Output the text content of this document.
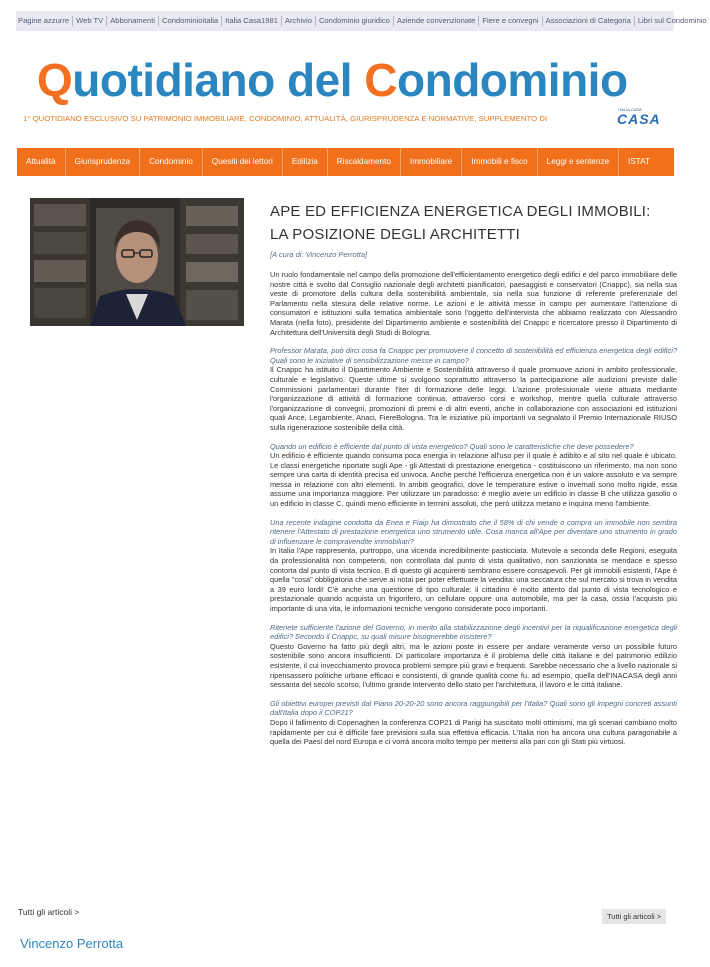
Pagine azzurre Web TV Abbonamenti Condominioitalia Italia Casa1981 Archivio Condominio giuridico Aziende convenzionate Fiere e convegni Associazioni di Categoria Libri sul Condominio
Quotidiano del Condominio
1° QUOTIDIANO ESCLUSIVO SU PATRIMONIO IMMOBILIARE, CONDOMINIO, ATTUALITÀ, GIURISPRUDENZA E NORMATIVE, SUPPLEMENTO DI
ITALIA CASA
CASA
Attualità	Giurisprudenza	Condominio	Quesiti dei lettori	Edilizia	Riscaldamento	Immobiliare	Immobili e fisco	Leggi e sentenze	ISTAT
APE ED EFFICIENZA ENERGETICA DEGLI IMMOBILI:
LA POSIZIONE DEGLI ARCHITETTI
[A cura di: Vincenzo Perrotta]

Un ruolo fondamentale nel campo della promozione dell'efficientamento energetico degli edifici e del parco immobiliare delle nostre città e svolto dal Consiglio nazionale degli architetti pianificatori, paesaggisti e conservatori (Cnappc), sia nella sua veste di promotore della cultura della sostenibilità ambientale, sia nella sua funzione di referente preferenziale del Parlamento nella stesura delle relative norme. Le azioni e le attività messe in campo per aumentare l'attenzione di consumatori e istituzioni sulla tematica ambientale sono l'oggetto dell'intervista che abbiamo realizzato con Alessandro Marata (nella foto), presidente del Dipartimento ambiente e sostenibilità del Cnappc e ricercatore presso il Dipartimento di Architettura dell'Università degli Studi di Bologna.

Professor Marata, può dirci cosa fa Cnappc per promuovere il concetto di sostenibilità ed efficienza energetica degli edifici? Quali sono le iniziative di sensibilizzazione messe in campo?
Il Cnappc ha istituito il Dipartimento Ambiente e Sostenibilità attraverso il quale promuove azioni in ambito professionale, culturale e legislativo. Queste ultime si svolgono soprattutto attraverso la partecipazione alle audizioni previste dalle Commissioni parlamentari durante l'iter di formazione delle leggi. L'azione professionale viene attuata mediante l'organizzazione di attività di formazione continua, attraverso corsi e workshop, mentre quella culturale attraverso l'organizzazione di convegni, promozioni di premi e di altri eventi, anche in collaborazione con associazioni ed istituzioni quali Ance, Legambiente, Anaci, FiereBologna. Tra le iniziative più importanti va segnalato il Premio Internazionale RIUSO sulla rigenerazione sostenibile della città.

Quando un edificio è efficiente dal punto di vista energetico? Quali sono le caratteristiche che deve possedere?
Un edificio è efficiente quando consuma poca energia in relazione all'uso per il quale è adibito e al sito nel quale è ubicato. Le classi energetiche riportate sugli Ape - gli Attestati di prestazione energetica - costituiscono un riferimento, ma non sono sempre una carta di identità precisa ed univoca. Anche perché l'efficienza energetica non è un valore assoluto e va sempre messa in relazione con altri elementi. In ambiti geografici, dove le temperature estive o invernali sono molto rigide, essa assume una importanza maggiore. Per utilizzare un paradosso: è meglio avere un edificio in classe B che utilizza gasolio o un edificio in classe C, quindi meno efficiente in termini assoluti, che però utilizza metano e inquina meno l'ambiente.

Una recente indagine condotta da Enea e Fiaip ha dimostrato che il 58% di chi vende o compra un immobile non sembra ritenere l'Attestato di prestazione energetica uno strumento utile. Cosa manca all'Ape per diventare uno strumento in grado di influenzare le compravendite immobiliari?
In Italia l'Ape rappresenta, purtroppo, una vicenda incredibilmente pasticciata. Mutevole a seconda delle Regioni, eseguita da professionalità non competenti, non controllata dal punto di vista qualitativo, non sanzionata se mendace e spesso contorta dal punto di vista tecnico. E di questo gli acquirenti sembrano essere consapevoli. Per gli immobili esistenti, l'Ape è quella "cosa" obbligatoria che serve ai notai per poter effettuare la vendita: una seccatura che sul mercato si trova in vendita a 39 euro lordi! C'è anche una questione di tipo culturale: il cittadino è molto attento dal punto di vista tecnologico e prestazionale quando acquista un frigorifero, un cellulare oppure una automobile, ma per la casa, ossia l'acquisto più importante di una vita, le informazioni tecniche vengono considerate poco importanti.

Ritenete sufficiente l'azione del Governo, in merito alla stabilizzazione degli incentivi per la riqualificazione energetica degli edifici? Secondo il Cnappc, su quali misure bisognerebbe insistere?
Questo Governo ha fatto più degli altri, ma le azioni poste in essere per andare veramente verso un possibile futuro sostenibile sono ancora insufficienti. Di particolare importanza è il problema delle città italiane e del patrimonio edilizio esistente, il cui invecchiamento provoca problemi sempre più gravi e frequenti. Sarebbe necessario che a livello nazionale si ripensassero politiche urbane efficaci e consistenti, di grande qualità come fu, ad esempio, quella dell'INACASA degli anni sessanta del secolo scorso, l'ultimo grande intervento dello stato per l'architettura, il lavoro e le città italiane.

Gli obiettivi europei previsti dal Piano 20-20-20 sono ancora raggiungibili per l'Italia? Quali sono gli impegni concreti assunti dall'Italia dopo il COP21?
Dopo il fallimento di Copenaghen la conferenza COP21 di Parigi ha suscitato molti ottimismi, ma gli scenari cambiano molto rapidamente per cui è difficile fare previsioni sulla sua effettiva efficacia. L'Italia non ha ancora una cultura paragonabile a quella dei Paesi del nord Europa e ci vorrà ancora molto tempo per mettersi alla pari con gli Stati più virtuosi.

Tutti gli articoli >	Tutti gli articoli >
Vincenzo Perrotta
